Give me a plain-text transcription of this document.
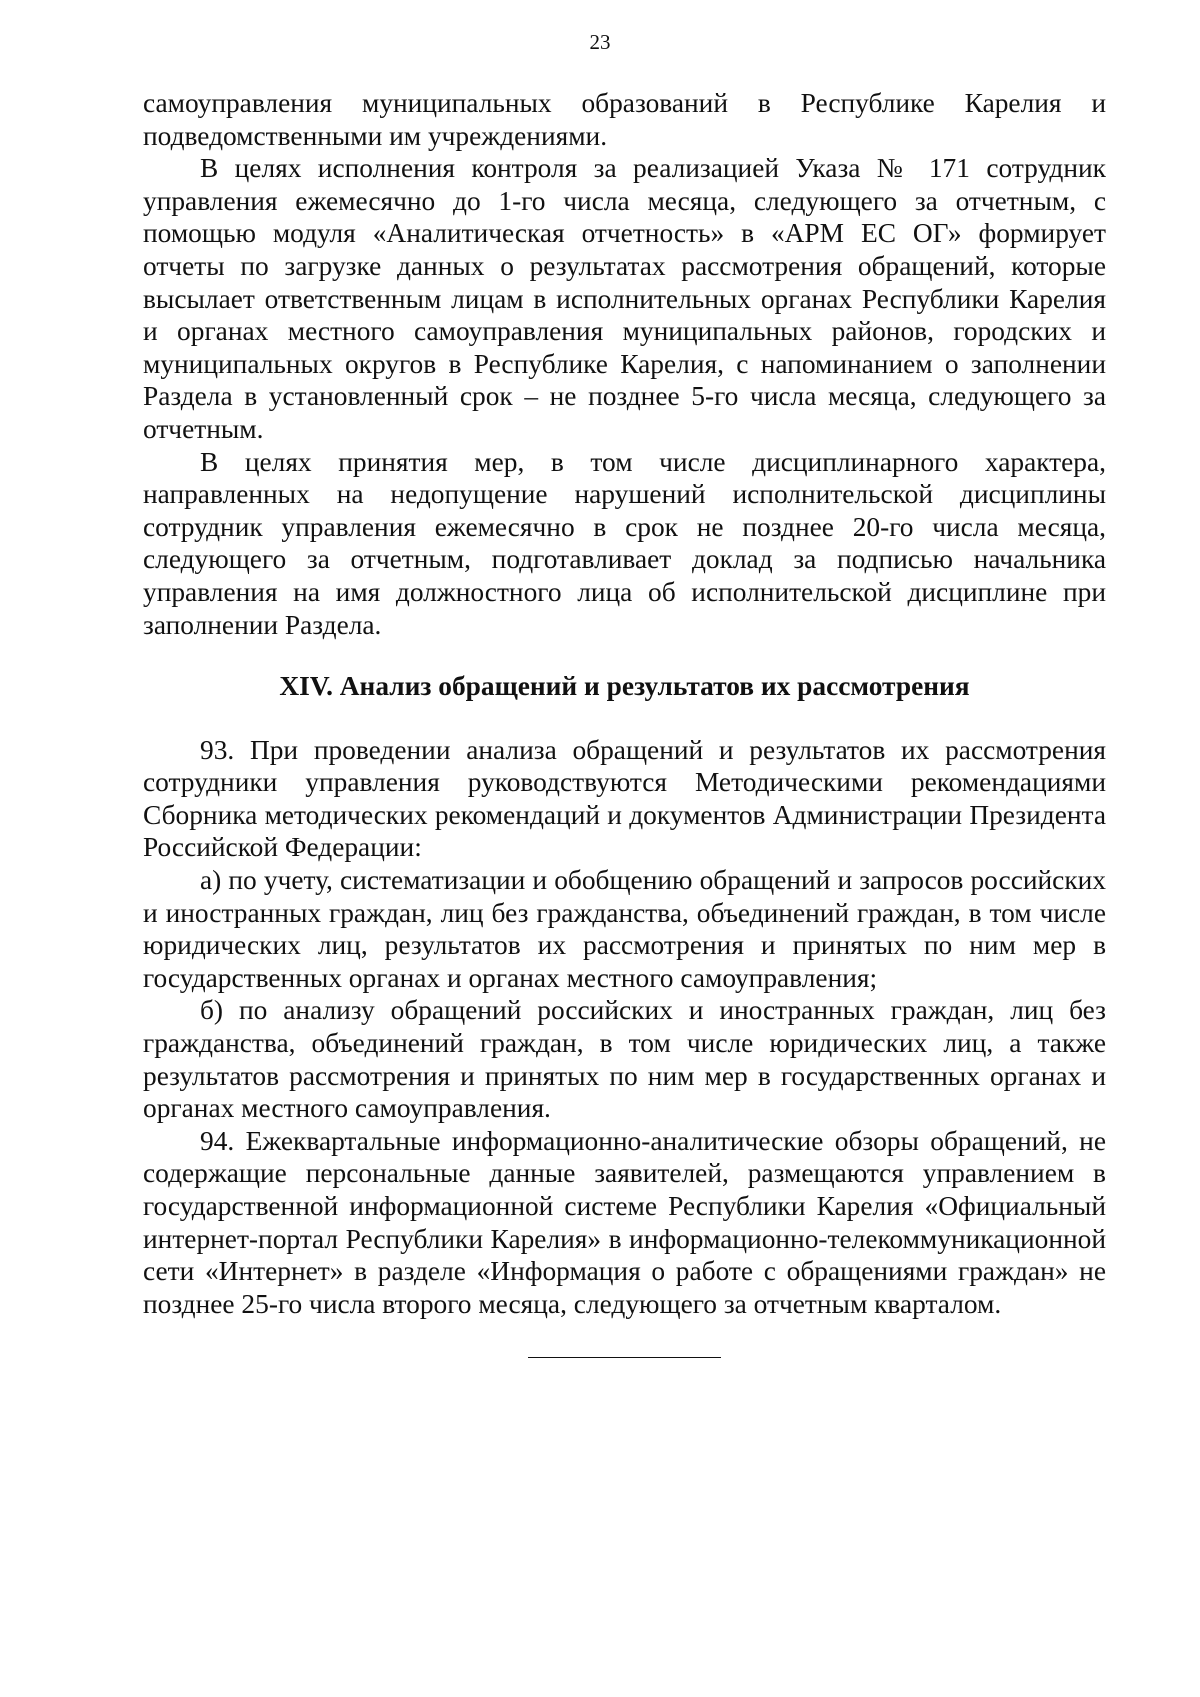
23

самоуправления муниципальных образований в Республике Карелия и подведомственными им учреждениями.

В целях исполнения контроля за реализацией Указа № 171 сотрудник управления ежемесячно до 1-го числа месяца, следующего за отчетным, с помощью модуля «Аналитическая отчетность» в «АРМ ЕС ОГ» формирует отчеты по загрузке данных о результатах рассмотрения обращений, которые высылает ответственным лицам в исполнительных органах Республики Карелия и органах местного самоуправления муниципальных районов, городских и муниципальных округов в Республике Карелия, с напоминанием о заполнении Раздела в установленный срок – не позднее 5-го числа месяца, следующего за отчетным.

В целях принятия мер, в том числе дисциплинарного характера, направленных на недопущение нарушений исполнительской дисциплины сотрудник управления ежемесячно в срок не позднее 20-го числа месяца, следующего за отчетным, подготавливает доклад за подписью начальника управления на имя должностного лица об исполнительской дисциплине при заполнении Раздела.

XIV. Анализ обращений и результатов их рассмотрения

93. При проведении анализа обращений и результатов их рассмотрения сотрудники управления руководствуются Методическими рекомендациями Сборника методических рекомендаций и документов Администрации Президента Российской Федерации:

а) по учету, систематизации и обобщению обращений и запросов российских и иностранных граждан, лиц без гражданства, объединений граждан, в том числе юридических лиц, результатов их рассмотрения и принятых по ним мер в государственных органах и органах местного самоуправления;

б) по анализу обращений российских и иностранных граждан, лиц без гражданства, объединений граждан, в том числе юридических лиц, а также результатов рассмотрения и принятых по ним мер в государственных органах и органах местного самоуправления.

94. Ежеквартальные информационно-аналитические обзоры обращений, не содержащие персональные данные заявителей, размещаются управлением в государственной информационной системе Республики Карелия «Официальный интернет-портал Республики Карелия» в информационно-телекоммуникационной сети «Интернет» в разделе «Информация о работе с обращениями граждан» не позднее 25-го числа второго месяца, следующего за отчетным кварталом.
